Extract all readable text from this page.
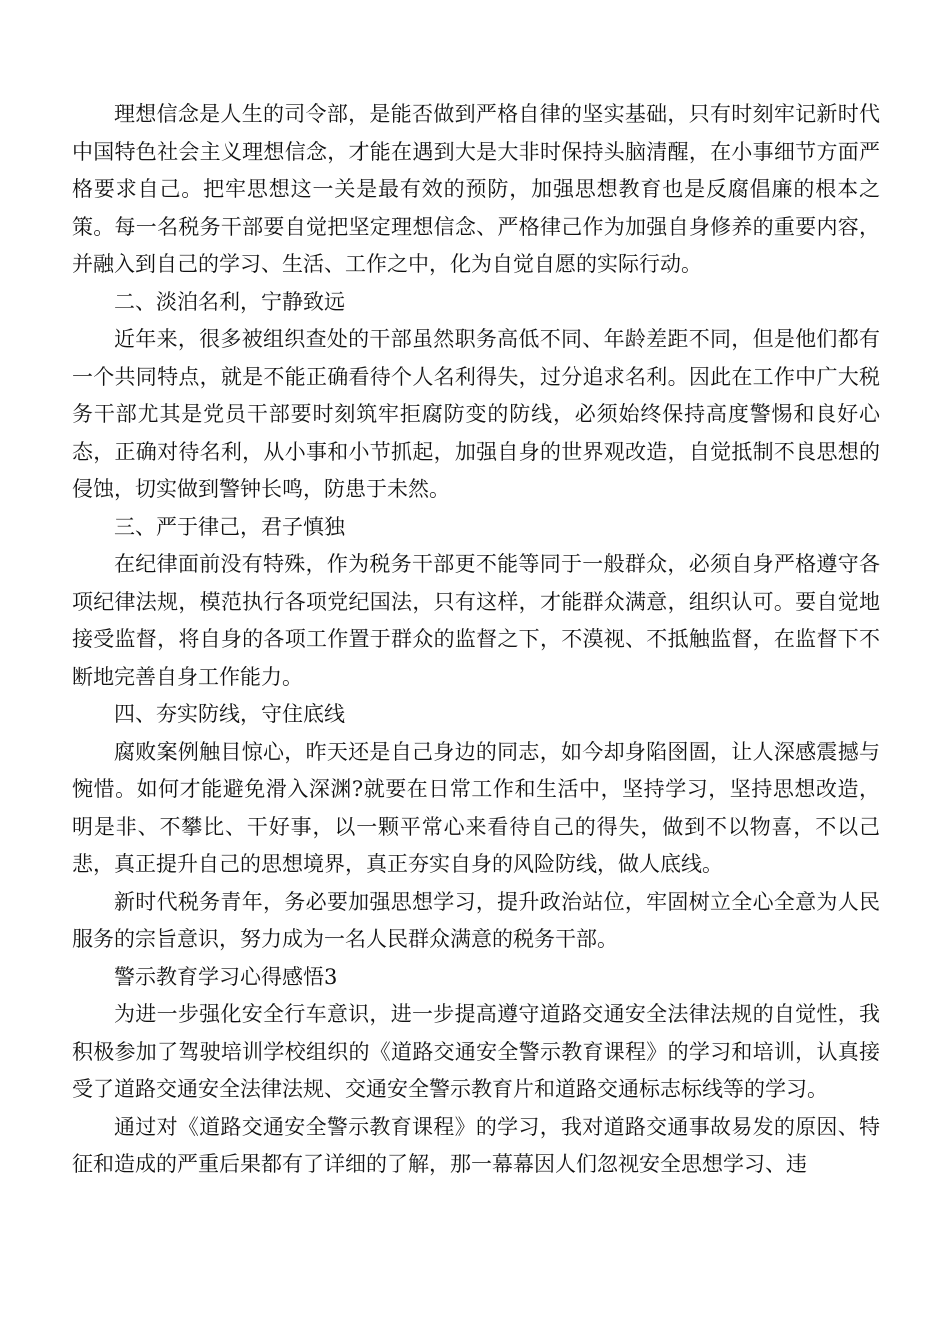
理想信念是人生的司令部，是能否做到严格自律的坚实基础，只有时刻牢记新时代中国特色社会主义理想信念，才能在遇到大是大非时保持头脑清醒，在小事细节方面严格要求自己。把牢思想这一关是最有效的预防，加强思想教育也是反腐倡廉的根本之策。每一名税务干部要自觉把坚定理想信念、严格律己作为加强自身修养的重要内容，并融入到自己的学习、生活、工作之中，化为自觉自愿的实际行动。

二、淡泊名利，宁静致远

近年来，很多被组织查处的干部虽然职务高低不同、年龄差距不同，但是他们都有一个共同特点，就是不能正确看待个人名利得失，过分追求名利。因此在工作中广大税务干部尤其是党员干部要时刻筑牢拒腐防变的防线，必须始终保持高度警惕和良好心态，正确对待名利，从小事和小节抓起，加强自身的世界观改造，自觉抵制不良思想的侵蚀，切实做到警钟长鸣，防患于未然。

三、严于律己，君子慎独

在纪律面前没有特殊，作为税务干部更不能等同于一般群众，必须自身严格遵守各项纪律法规，模范执行各项党纪国法，只有这样，才能群众满意，组织认可。要自觉地接受监督，将自身的各项工作置于群众的监督之下，不漠视、不抵触监督，在监督下不断地完善自身工作能力。

四、夯实防线，守住底线

腐败案例触目惊心，昨天还是自己身边的同志，如今却身陷囹圄，让人深感震撼与惋惜。如何才能避免滑入深渊?就要在日常工作和生活中，坚持学习，坚持思想改造，明是非、不攀比、干好事，以一颗平常心来看待自己的得失，做到不以物喜，不以己悲，真正提升自己的思想境界，真正夯实自身的风险防线，做人底线。

新时代税务青年，务必要加强思想学习，提升政治站位，牢固树立全心全意为人民服务的宗旨意识，努力成为一名人民群众满意的税务干部。

警示教育学习心得感悟3

为进一步强化安全行车意识，进一步提高遵守道路交通安全法律法规的自觉性，我积极参加了驾驶培训学校组织的《道路交通安全警示教育课程》的学习和培训，认真接受了道路交通安全法律法规、交通安全警示教育片和道路交通标志标线等的学习。

通过对《道路交通安全警示教育课程》的学习，我对道路交通事故易发的原因、特征和造成的严重后果都有了详细的了解，那一幕幕因人们忽视安全思想学习、违
